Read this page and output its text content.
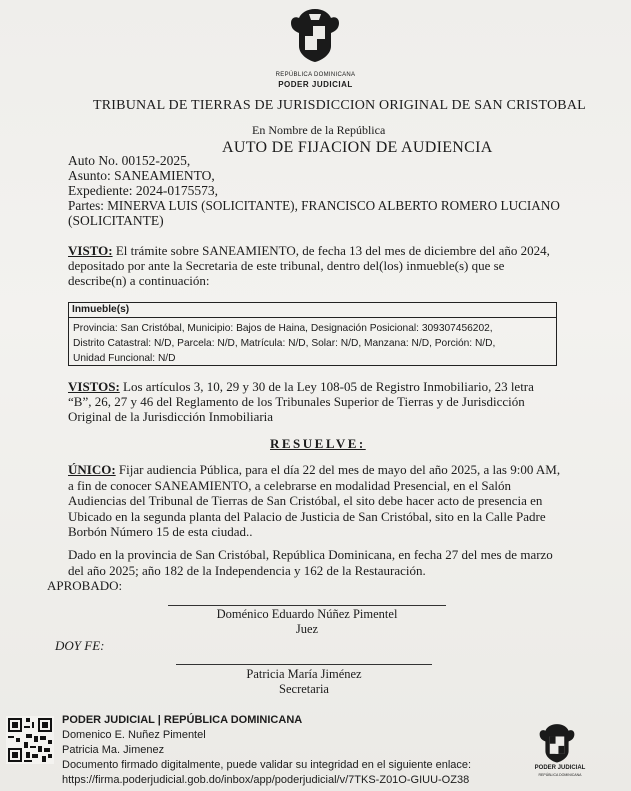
REPÚBLICA DOMINICANA
PODER JUDICIAL
TRIBUNAL DE TIERRAS DE JURISDICCION ORIGINAL DE SAN CRISTOBAL
En Nombre de la República
AUTO DE FIJACION DE AUDIENCIA
Auto No. 00152-2025,
Asunto: SANEAMIENTO,
Expediente: 2024-0175573,
Partes: MINERVA LUIS (SOLICITANTE), FRANCISCO ALBERTO ROMERO LUCIANO
(SOLICITANTE)
VISTO: El trámite sobre SANEAMIENTO, de fecha 13 del mes de diciembre del año 2024, depositado por ante la Secretaria de este tribunal, dentro del(los) inmueble(s) que se describe(n) a continuación:
Inmueble(s)
Provincia: San Cristóbal, Municipio: Bajos de Haina, Designación Posicional: 309307456202,
Distrito Catastral: N/D, Parcela: N/D, Matrícula: N/D, Solar: N/D, Manzana: N/D, Porción: N/D,
Unidad Funcional: N/D
VISTOS: Los artículos 3, 10, 29 y 30 de la Ley 108-05 de Registro Inmobiliario, 23 letra “B”, 26, 27 y 46 del Reglamento de los Tribunales Superior de Tierras y de Jurisdicción Original de la Jurisdicción Inmobiliaria
RESUELVE:
ÚNICO: Fijar audiencia Pública, para el día 22 del mes de mayo del año 2025, a las 9:00 AM, a fin de conocer SANEAMIENTO, a celebrarse en modalidad Presencial, en el Salón Audiencias del Tribunal de Tierras de San Cristóbal, el sito debe hacer acto de presencia en Ubicado en la segunda planta del Palacio de Justicia de San Cristóbal, sito en la Calle Padre Borbón Número 15 de esta ciudad..
Dado en la provincia de San Cristóbal, República Dominicana, en fecha 27 del mes de marzo del año 2025; año 182 de la Independencia y 162 de la Restauración.
APROBADO:
Doménico Eduardo Núñez Pimentel
Juez
DOY FE:
Patricia María Jiménez
Secretaria
PODER JUDICIAL | REPÚBLICA DOMINICANA
Domenico E. Nuñez Pimentel
Patricia Ma. Jimenez
Documento firmado digitalmente, puede validar su integridad en el siguiente enlace:
https://firma.poderjudicial.gob.do/inbox/app/poderjudicial/v/7TKS-Z01O-GIUU-OZ38
PODER JUDICIAL
REPÚBLICA DOMINICANA
